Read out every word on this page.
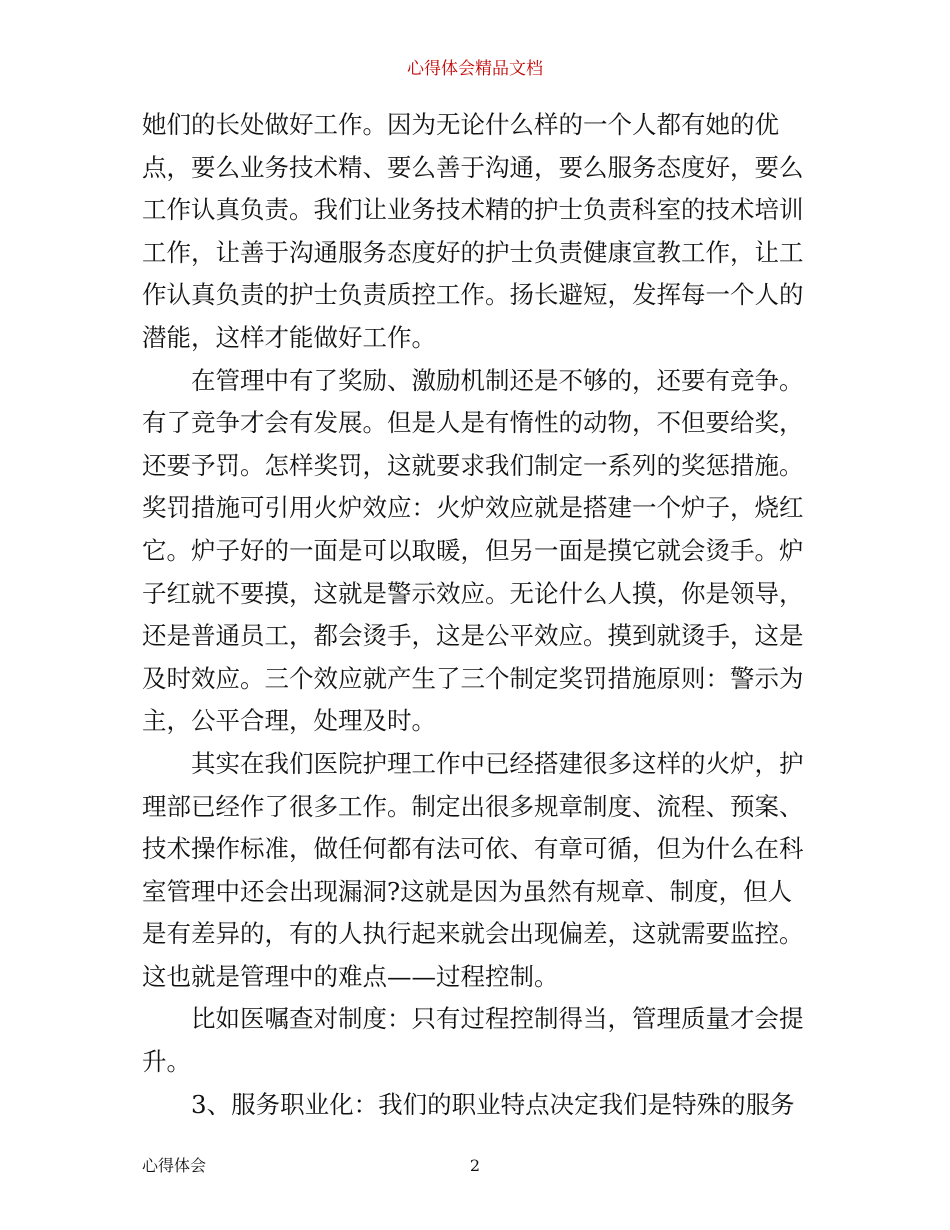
心得体会精品文档
她们的长处做好工作。因为无论什么样的一个人都有她的优
点，要么业务技术精、要么善于沟通，要么服务态度好，要么
工作认真负责。我们让业务技术精的护士负责科室的技术培训
工作，让善于沟通服务态度好的护士负责健康宣教工作，让工
作认真负责的护士负责质控工作。扬长避短，发挥每一个人的
潜能，这样才能做好工作。
在管理中有了奖励、激励机制还是不够的，还要有竞争。
有了竞争才会有发展。但是人是有惰性的动物，不但要给奖，
还要予罚。怎样奖罚，这就要求我们制定一系列的奖惩措施。
奖罚措施可引用火炉效应：火炉效应就是搭建一个炉子，烧红
它。炉子好的一面是可以取暖，但另一面是摸它就会烫手。炉
子红就不要摸，这就是警示效应。无论什么人摸，你是领导，
还是普通员工，都会烫手，这是公平效应。摸到就烫手，这是
及时效应。三个效应就产生了三个制定奖罚措施原则：警示为
主，公平合理，处理及时。
其实在我们医院护理工作中已经搭建很多这样的火炉，护
理部已经作了很多工作。制定出很多规章制度、流程、预案、
技术操作标准，做任何都有法可依、有章可循，但为什么在科
室管理中还会出现漏洞?这就是因为虽然有规章、制度，但人
是有差异的，有的人执行起来就会出现偏差，这就需要监控。
这也就是管理中的难点——过程控制。
比如医嘱查对制度：只有过程控制得当，管理质量才会提
升。
3、服务职业化：我们的职业特点决定我们是特殊的服务
心得体会	2
